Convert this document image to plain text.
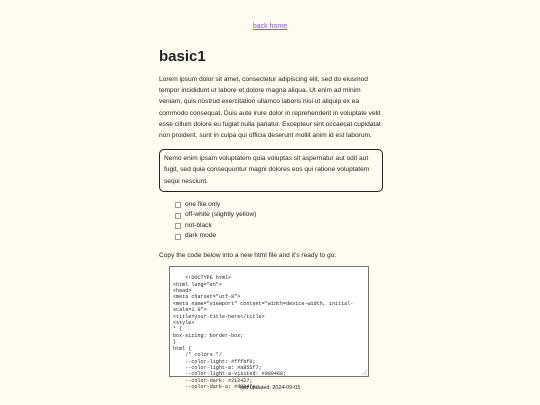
back home
basic1

Lorem ipsum dolor sit amet, consectetur adipiscing elit, sed do eiusmod tempor incididunt ut labore et dolore magna aliqua. Ut enim ad minim veniam, quis nostrud exercitation ullamco laboris nisi ut aliquip ex ea commodo consequat. Duis aute irure dolor in reprehenderit in voluptate velit esse cillum dolore eu fugiat nulla pariatur. Excepteur sint occaecat cupidatat non proident, sunt in culpa qui officia deserunt mollit anim id est laborum.

Nemo enim ipsam voluptatem quia voluptas sit aspernatur aut odit aut fugit, sed quia consequuntur magni dolores eos qui ratione voluptatem sequi nesciunt.
one file only
off-white (slightly yellow)
not-black
dark mode
Copy the code below into a new html file and it's ready to go:

<!DOCTYPE html>
<html lang="en">
<head>
<meta charset="utf-8">
<meta name="viewport" content="width=device-width, initial-scale=1.0">
<title>your-title-here</title>
<style>
* {
box-sizing: border-box;
}
html {
/* colors */
--color-light: #fffbf0;
--color-light-a: #a855f7;
--color-light-a-visited: #099468;
--color-dark: #212427;
--color-dark-a: #d8b4fe;

last updated: 2024-09-03
